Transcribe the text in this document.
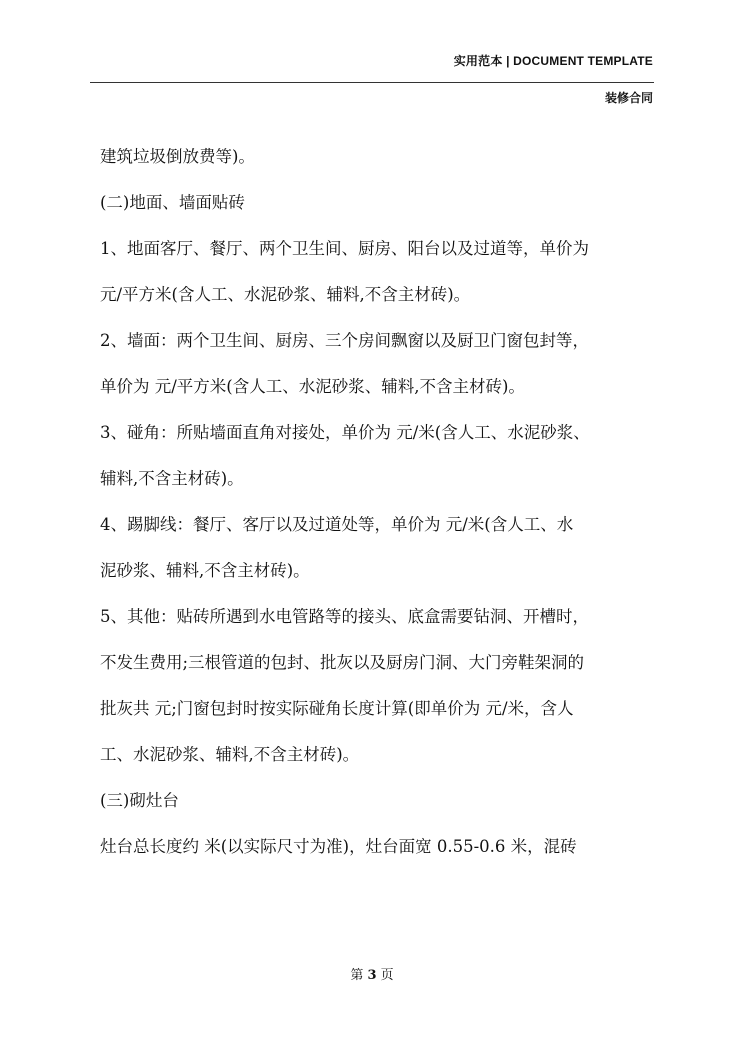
实用范本 | DOCUMENT TEMPLATE
装修合同
建筑垃圾倒放费等)。
(二)地面、墙面贴砖
1、地面客厅、餐厅、两个卫生间、厨房、阳台以及过道等，单价为
元/平方米(含人工、水泥砂浆、辅料,不含主材砖)。
2、墙面：两个卫生间、厨房、三个房间飘窗以及厨卫门窗包封等，
单价为 元/平方米(含人工、水泥砂浆、辅料,不含主材砖)。
3、碰角：所贴墙面直角对接处，单价为 元/米(含人工、水泥砂浆、
辅料,不含主材砖)。
4、踢脚线：餐厅、客厅以及过道处等，单价为 元/米(含人工、水
泥砂浆、辅料,不含主材砖)。
5、其他：贴砖所遇到水电管路等的接头、底盒需要钻洞、开槽时，
不发生费用;三根管道的包封、批灰以及厨房门洞、大门旁鞋架洞的
批灰共 元;门窗包封时按实际碰角长度计算(即单价为 元/米，含人
工、水泥砂浆、辅料,不含主材砖)。
(三)砌灶台
灶台总长度约 米(以实际尺寸为准)，灶台面宽 0.55-0.6 米，混砖
第 3 页
